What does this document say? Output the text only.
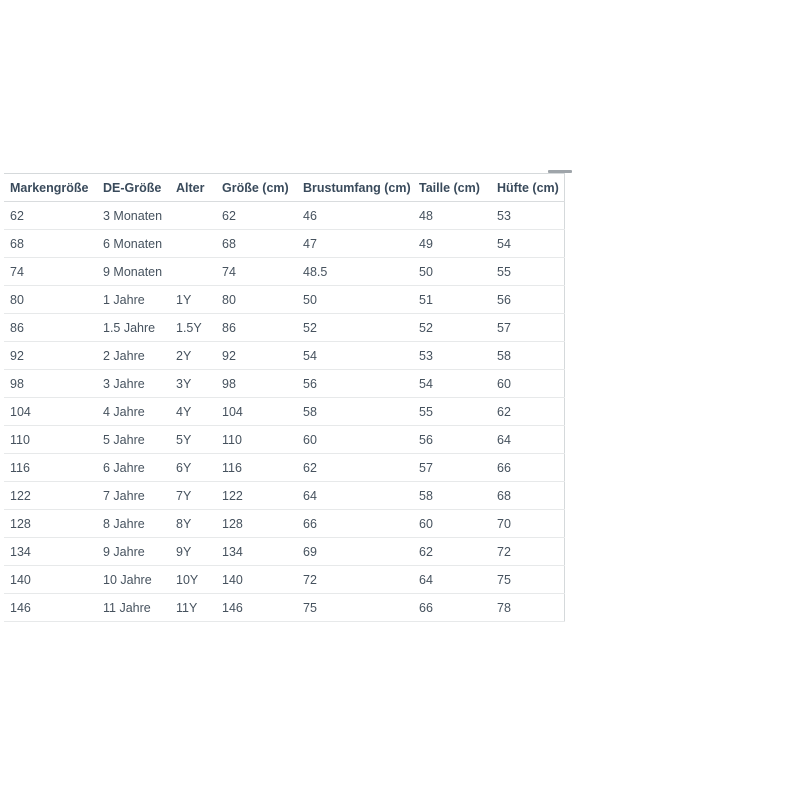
Markengröße	DE-Größe	Alter	Größe (cm)	Brustumfang (cm)	Taille (cm)	Hüfte (cm)
62	3 Monaten		62	46	48	53
68	6 Monaten		68	47	49	54
74	9 Monaten		74	48.5	50	55
80	1 Jahre	1Y	80	50	51	56
86	1.5 Jahre	1.5Y	86	52	52	57
92	2 Jahre	2Y	92	54	53	58
98	3 Jahre	3Y	98	56	54	60
104	4 Jahre	4Y	104	58	55	62
110	5 Jahre	5Y	110	60	56	64
116	6 Jahre	6Y	116	62	57	66
122	7 Jahre	7Y	122	64	58	68
128	8 Jahre	8Y	128	66	60	70
134	9 Jahre	9Y	134	69	62	72
140	10 Jahre	10Y	140	72	64	75
146	11 Jahre	11Y	146	75	66	78
